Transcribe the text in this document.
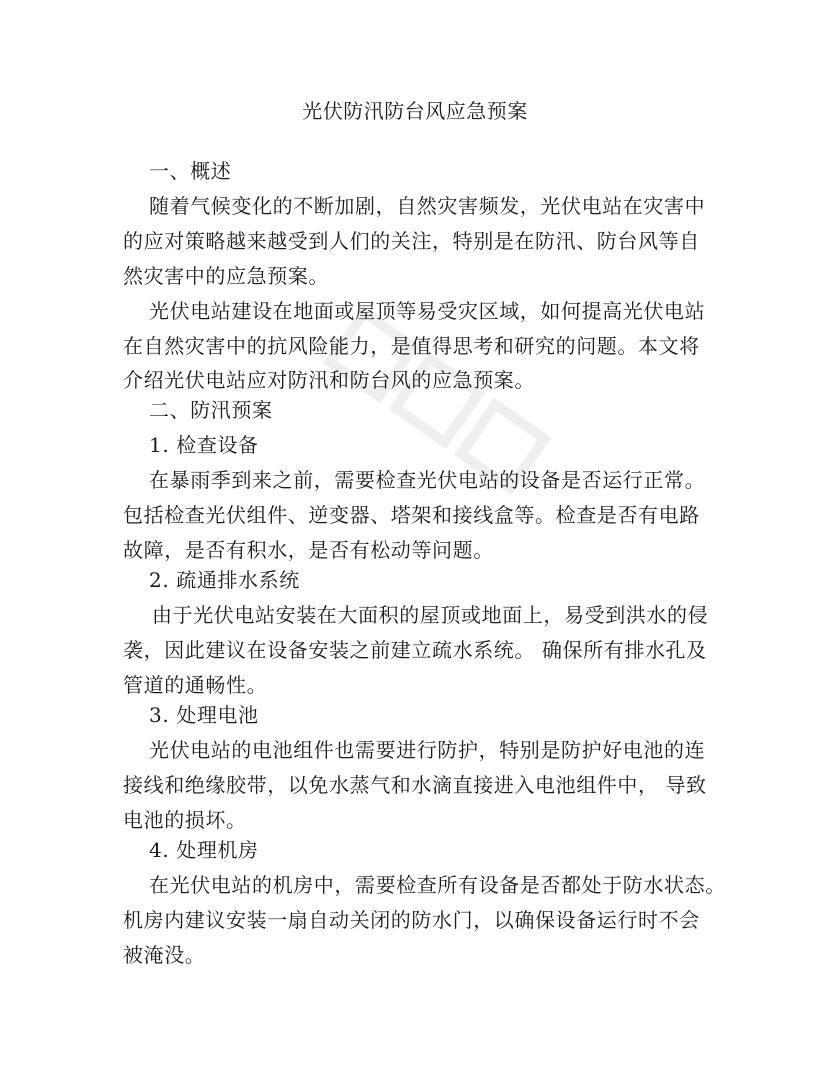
光伏防汛防台风应急预案
一、概述
随着气候变化的不断加剧，自然灾害频发，光伏电站在灾害中
的应对策略越来越受到人们的关注，特别是在防汛、防台风等自
然灾害中的应急预案。
光伏电站建设在地面或屋顶等易受灾区域，如何提高光伏电站
在自然灾害中的抗风险能力，是值得思考和研究的问题。本文将
介绍光伏电站应对防汛和防台风的应急预案。
二、防汛预案
1. 检查设备
在暴雨季到来之前，需要检查光伏电站的设备是否运行正常。
包括检查光伏组件、逆变器、塔架和接线盒等。检查是否有电路
故障，是否有积水，是否有松动等问题。
2. 疏通排水系统
由于光伏电站安装在大面积的屋顶或地面上，易受到洪水的侵
袭，因此建议在设备安装之前建立疏水系统。 确保所有排水孔及
管道的通畅性。
3. 处理电池
光伏电站的电池组件也需要进行防护，特别是防护好电池的连
接线和绝缘胶带，以免水蒸气和水滴直接进入电池组件中， 导致
电池的损坏。
4. 处理机房
在光伏电站的机房中，需要检查所有设备是否都处于防水状态。
机房内建议安装一扇自动关闭的防水门，以确保设备运行时不会
被淹没。
